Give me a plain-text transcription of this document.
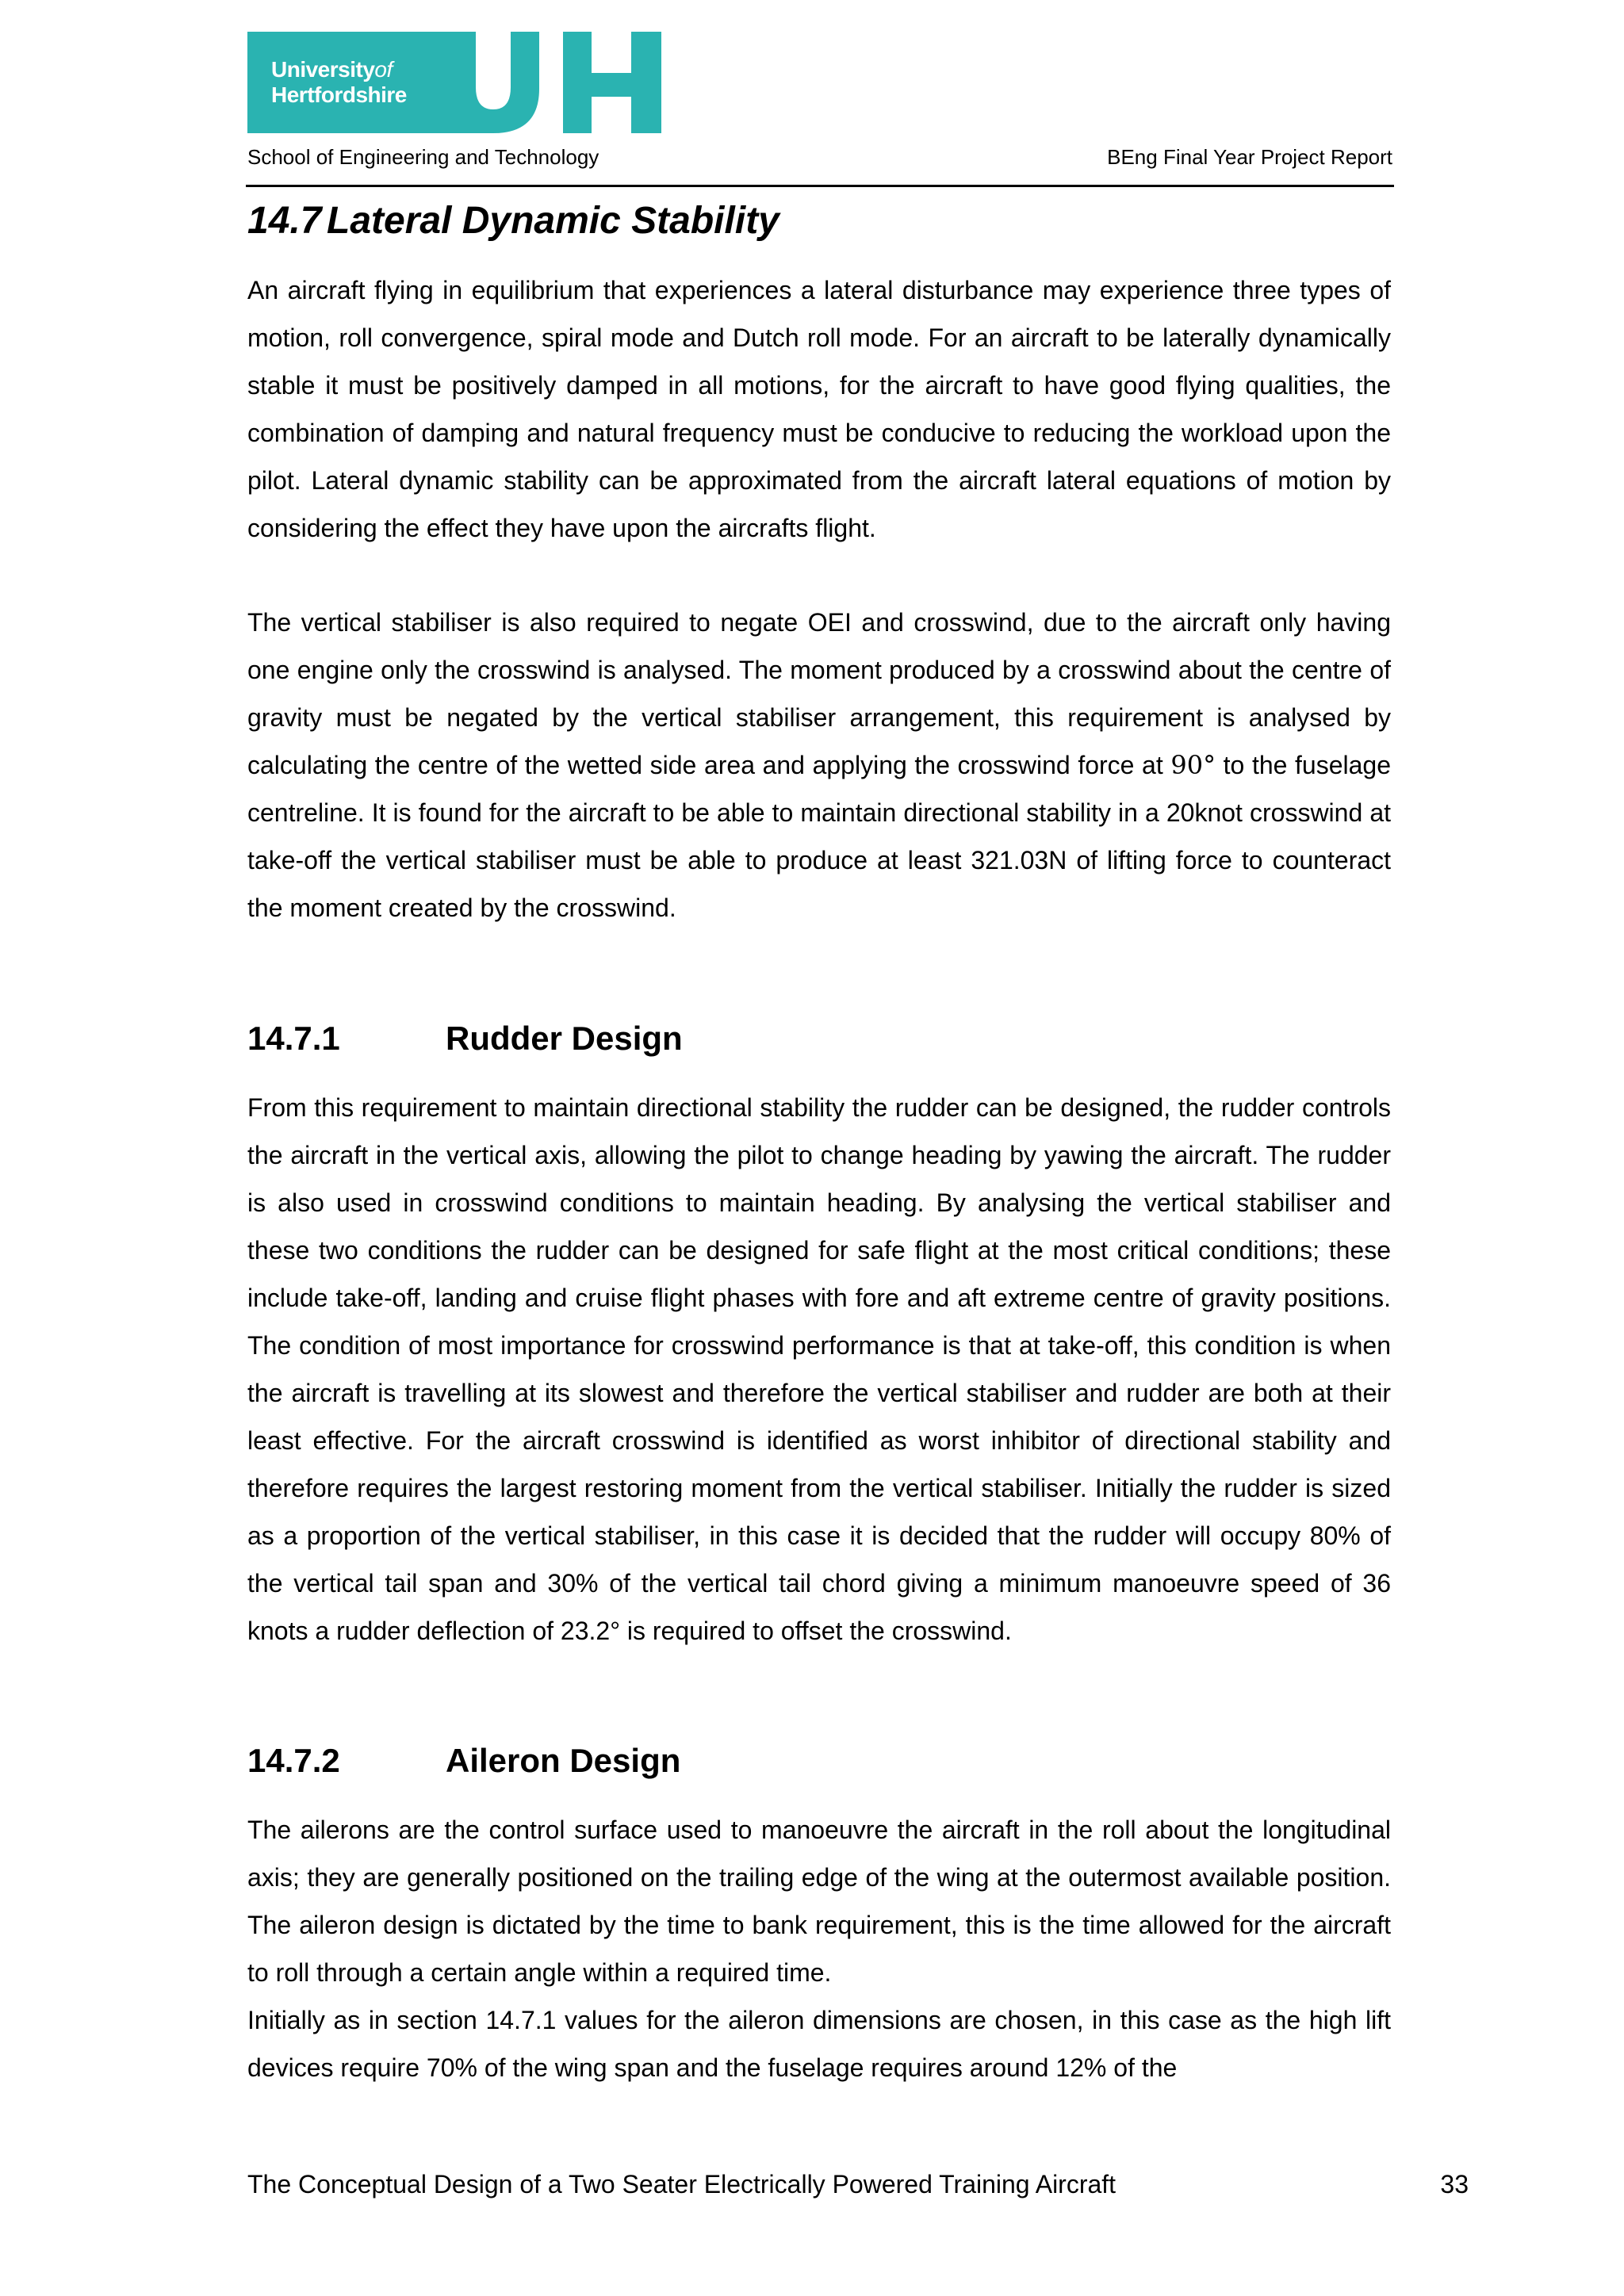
Universityof
Hertfordshire
School of Engineering and Technology	BEng Final Year Project Report
14.7 Lateral Dynamic Stability

An aircraft flying in equilibrium that experiences a lateral disturbance may experience three types of motion, roll convergence, spiral mode and Dutch roll mode. For an aircraft to be laterally dynamically stable it must be positively damped in all motions, for the aircraft to have good flying qualities, the combination of damping and natural frequency must be conducive to reducing the workload upon the pilot. Lateral dynamic stability can be approximated from the aircraft lateral equations of motion by considering the effect they have upon the aircrafts flight.

The vertical stabiliser is also required to negate OEI and crosswind, due to the aircraft only having one engine only the crosswind is analysed. The moment produced by a crosswind about the centre of gravity must be negated by the vertical stabiliser arrangement, this requirement is analysed by calculating the centre of the wetted side area and applying the crosswind force at 90° to the fuselage centreline. It is found for the aircraft to be able to maintain directional stability in a 20knot crosswind at take-off the vertical stabiliser must be able to produce at least 321.03N of lifting force to counteract the moment created by the crosswind.

14.7.1	Rudder Design

From this requirement to maintain directional stability the rudder can be designed, the rudder controls the aircraft in the vertical axis, allowing the pilot to change heading by yawing the aircraft. The rudder is also used in crosswind conditions to maintain heading. By analysing the vertical stabiliser and these two conditions the rudder can be designed for safe flight at the most critical conditions; these include take-off, landing and cruise flight phases with fore and aft extreme centre of gravity positions. The condition of most importance for crosswind performance is that at take-off, this condition is when the aircraft is travelling at its slowest and therefore the vertical stabiliser and rudder are both at their least effective. For the aircraft crosswind is identified as worst inhibitor of directional stability and therefore requires the largest restoring moment from the vertical stabiliser. Initially the rudder is sized as a proportion of the vertical stabiliser, in this case it is decided that the rudder will occupy 80% of the vertical tail span and 30% of the vertical tail chord giving a minimum manoeuvre speed of 36 knots a rudder deflection of 23.2° is required to offset the crosswind.

14.7.2	Aileron Design

The ailerons are the control surface used to manoeuvre the aircraft in the roll about the longitudinal axis; they are generally positioned on the trailing edge of the wing at the outermost available position. The aileron design is dictated by the time to bank requirement, this is the time allowed for the aircraft to roll through a certain angle within a required time.

Initially as in section 14.7.1 values for the aileron dimensions are chosen, in this case as the high lift devices require 70% of the wing span and the fuselage requires around 12% of the

The Conceptual Design of a Two Seater Electrically Powered Training Aircraft	33
